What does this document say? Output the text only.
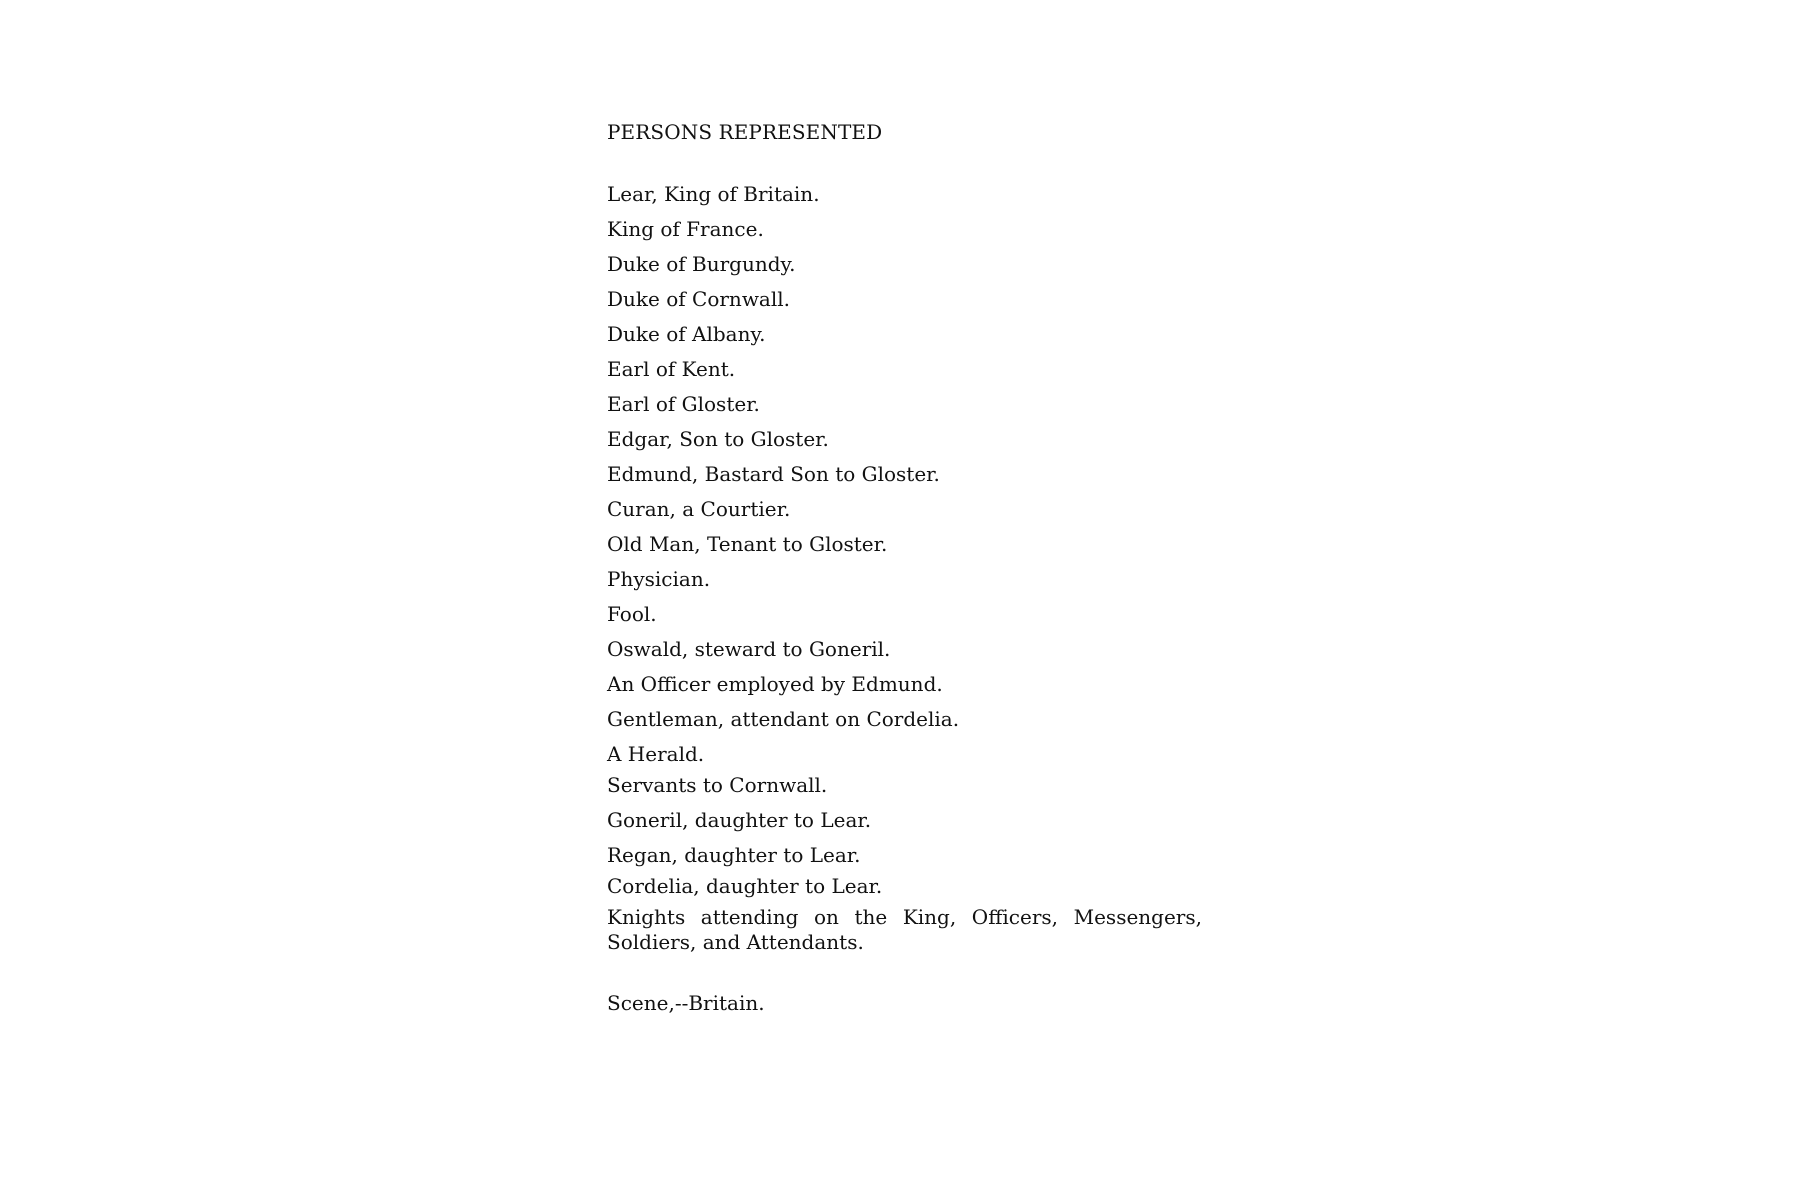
PERSONS REPRESENTED
Lear, King of Britain.
King of France.
Duke of Burgundy.
Duke of Cornwall.
Duke of Albany.
Earl of Kent.
Earl of Gloster.
Edgar, Son to Gloster.
Edmund, Bastard Son to Gloster.
Curan, a Courtier.
Old Man, Tenant to Gloster.
Physician.
Fool.
Oswald, steward to Goneril.
An Officer employed by Edmund.
Gentleman, attendant on Cordelia.
A Herald.
Servants to Cornwall.
Goneril, daughter to Lear.
Regan, daughter to Lear.
Cordelia, daughter to Lear.
Knights attending on the King, Officers, Messengers, Soldiers, and Attendants.
Scene,--Britain.
